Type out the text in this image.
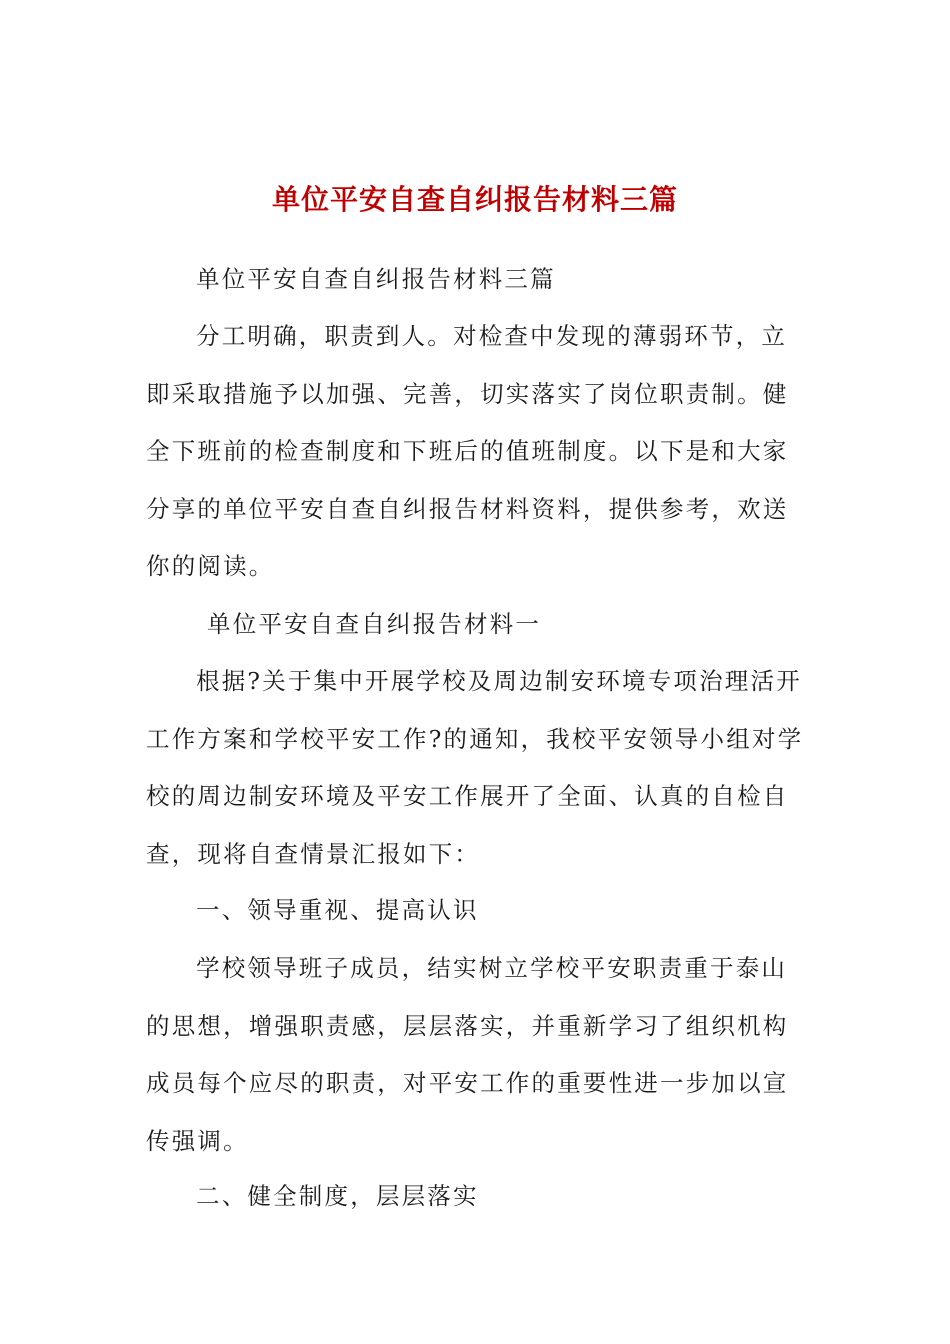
单位平安自查自纠报告材料三篇

单位平安自查自纠报告材料三篇

分工明确，职责到人。对检查中发现的薄弱环节，立即采取措施予以加强、完善，切实落实了岗位职责制。健全下班前的检查制度和下班后的值班制度。以下是和大家分享的单位平安自查自纠报告材料资料，提供参考，欢送你的阅读。

单位平安自查自纠报告材料一

根据?关于集中开展学校及周边制安环境专项治理活开工作方案和学校平安工作?的通知，我校平安领导小组对学校的周边制安环境及平安工作展开了全面、认真的自检自查，现将自查情景汇报如下：

一、领导重视、提高认识

学校领导班子成员，结实树立学校平安职责重于泰山的思想，增强职责感，层层落实，并重新学习了组织机构成员每个应尽的职责，对平安工作的重要性进一步加以宣传强调。

二、健全制度，层层落实
